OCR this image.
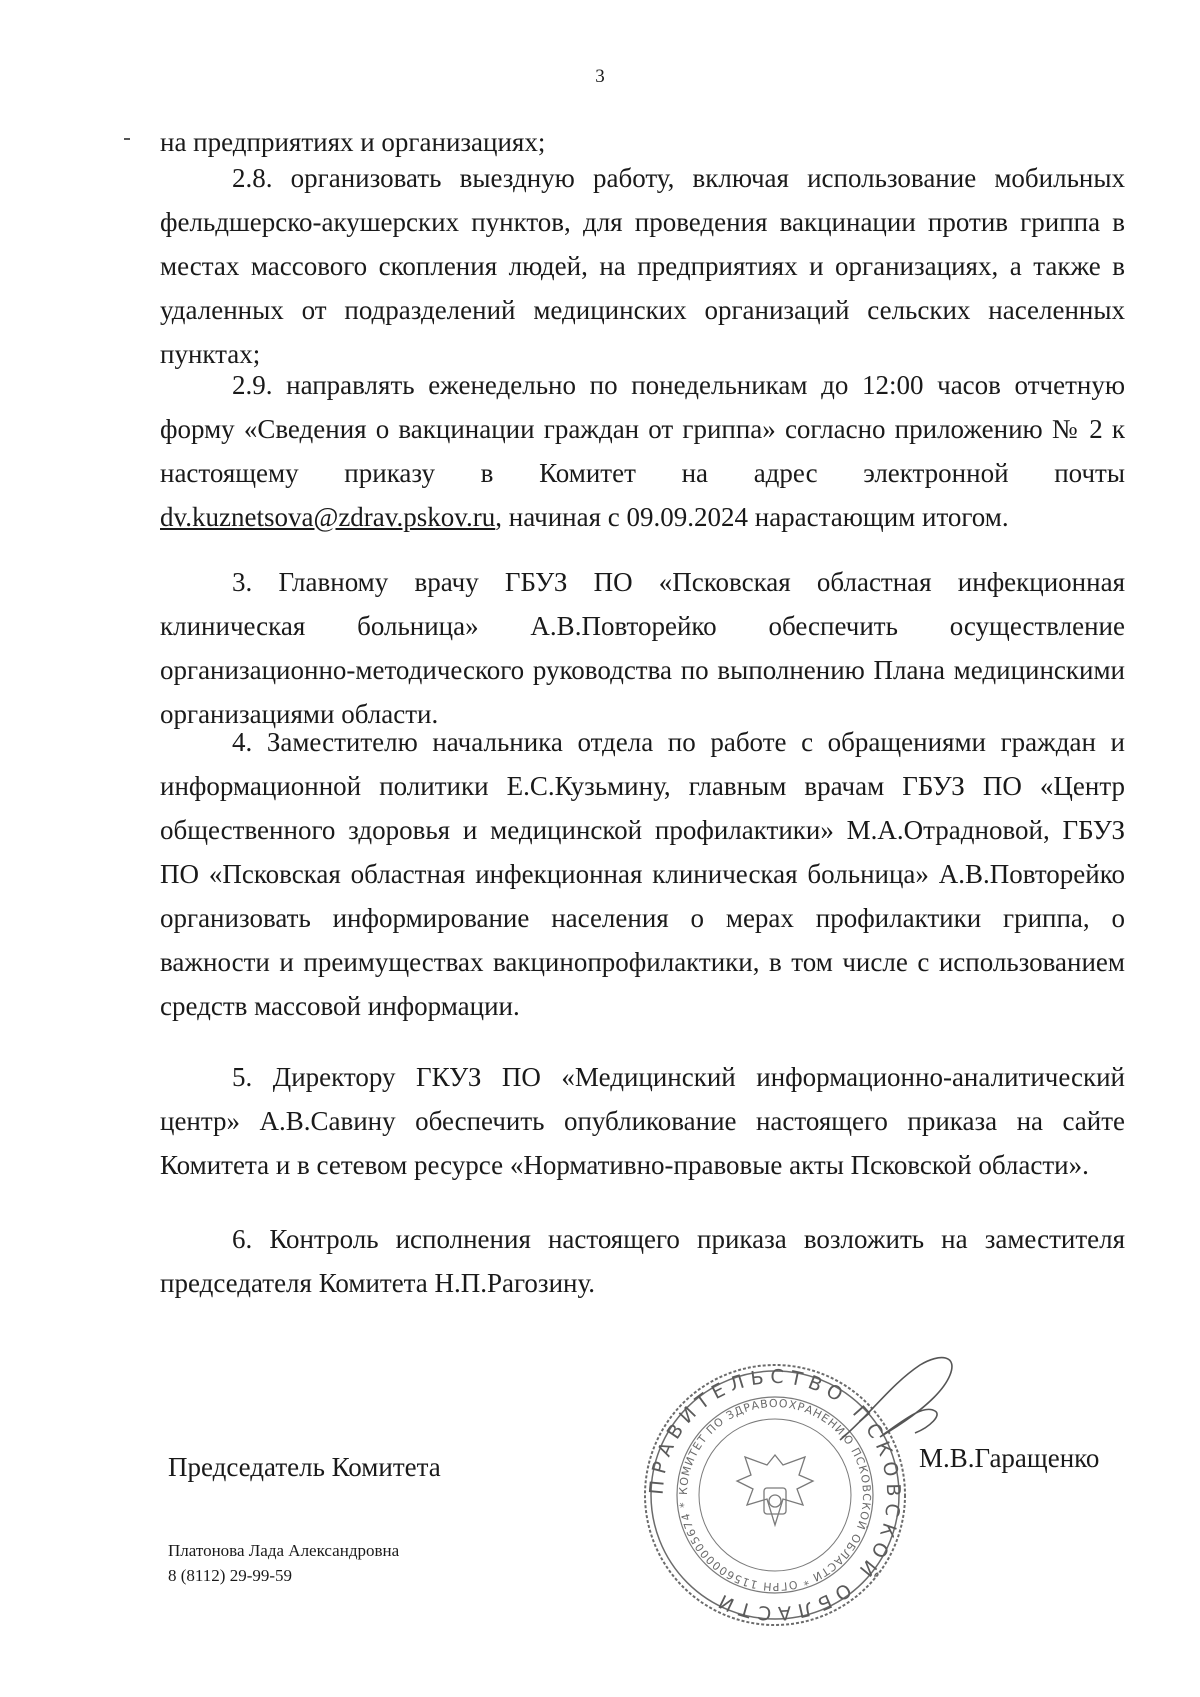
3

на предприятиях и организациях;

2.8. организовать выездную работу, включая использование мобильных фельдшерско-акушерских пунктов, для проведения вакцинации против гриппа в местах массового скопления людей, на предприятиях и организациях, а также в удаленных от подразделений медицинских организаций сельских населенных пунктах;

2.9. направлять еженедельно по понедельникам до 12:00 часов отчетную форму «Сведения о вакцинации граждан от гриппа» согласно приложению № 2 к настоящему приказу в Комитет на адрес электронной почты dv.kuznetsova@zdrav.pskov.ru, начиная с 09.09.2024 нарастающим итогом.

3. Главному врачу ГБУЗ ПО «Псковская областная инфекционная клиническая больница» А.В.Повторейко обеспечить осуществление организационно-методического руководства по выполнению Плана медицинскими организациями области.

4. Заместителю начальника отдела по работе с обращениями граждан и информационной политики Е.С.Кузьмину, главным врачам ГБУЗ ПО «Центр общественного здоровья и медицинской профилактики» М.А.Отрадновой, ГБУЗ ПО «Псковская областная инфекционная клиническая больница» А.В.Повторейко организовать информирование населения о мерах профилактики гриппа, о важности и преимуществах вакцинопрофилактики, в том числе с использованием средств массовой информации.

5. Директору ГКУЗ ПО «Медицинский информационно-аналитический центр» А.В.Савину обеспечить опубликование настоящего приказа на сайте Комитета и в сетевом ресурсе «Нормативно-правовые акты Псковской области».

6. Контроль исполнения настоящего приказа возложить на заместителя председателя Комитета Н.П.Рагозину.

Председатель Комитета	М.В.Гаращенко
ПРАВИТЕЛЬСТВО ПСКОВСКОЙ ОБЛАСТИ
КОМИТЕТ ПО ЗДРАВООХРАНЕНИЮ ПСКОВСКОЙ ОБЛАСТИ * ОГРН 1156000005674 *
Платонова Лада Александровна
8 (8112) 29-99-59
